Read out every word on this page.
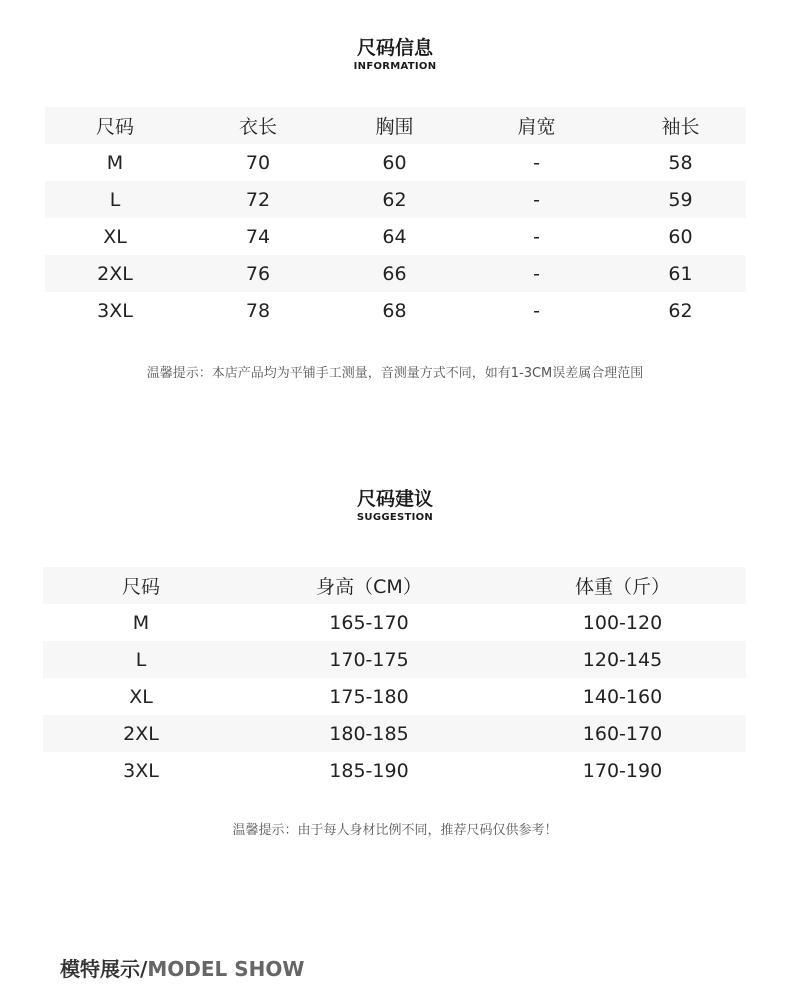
尺码信息
INFORMATION
尺码	衣长	胸围	肩宽	袖长
M	70	60	-	58
L	72	62	-	59
XL	74	64	-	60
2XL	76	66	-	61
3XL	78	68	-	62
温馨提示：本店产品均为平铺手工测量，音测量方式不同，如有1-3CM误差属合理范围
尺码建议
SUGGESTION
尺码	身高（CM）	体重（斤）
M	165-170	100-120
L	170-175	120-145
XL	175-180	140-160
2XL	180-185	160-170
3XL	185-190	170-190
温馨提示：由于每人身材比例不同，推荐尺码仅供参考！
模特展示/MODEL SHOW
